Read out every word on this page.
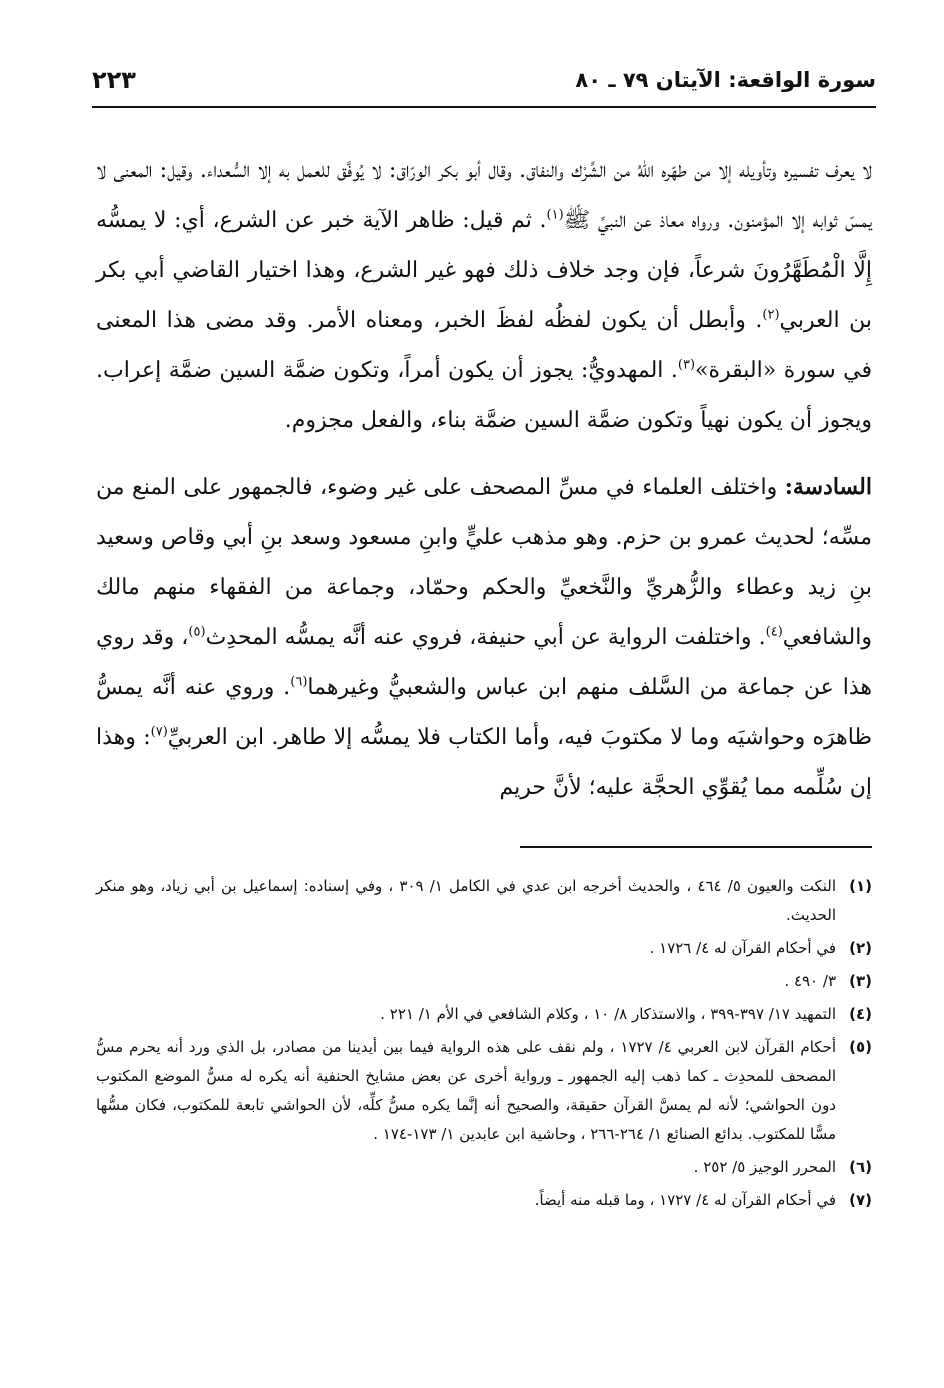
سورة الواقعة: الآيتان ٧٩ ـ ٨٠
٢٢٣

لا يعرف تفسيره وتأويله إلا من طهّره اللهُ من الشِّرْك والنفاق. وقال أبو بكر الورّاق: لا يُوفَّق للعمل به إلا السُّعداء. وقيل: المعنى لا يمسّ ثوابه إلا المؤمنون. ورواه معاذ عن النبيِّ ﷺ$^{(١)}$. ثم قيل: ظاهر الآية خبر عن الشرع، أي: لا يمسُّه إِلَّا الْمُطَهَّرُونَ شرعاً، فإن وجد خلاف ذلك فهو غير الشرع، وهذا اختيار القاضي أبي بكر بن العربي$^{(٢)}$. وأبطل أن يكون لفظُه لفظَ الخبر، ومعناه الأمر. وقد مضى هذا المعنى في سورة «البقرة»$^{(٣)}$. المهدويُّ: يجوز أن يكون أمراً، وتكون ضمَّة السين ضمَّة إعراب. ويجوز أن يكون نهياً وتكون ضمَّة السين ضمَّة بناء، والفعل مجزوم.

السادسة: واختلف العلماء في مسِّ المصحف على غير وضوء، فالجمهور على المنع من مسِّه؛ لحديث عمرو بن حزم. وهو مذهب عليٍّ وابنِ مسعود وسعد بنِ أبي وقاص وسعيد بنِ زيد وعطاء والزُّهريِّ والنَّخعيِّ والحكم وحمّاد، وجماعة من الفقهاء منهم مالك والشافعي$^{(٤)}$. واختلفت الرواية عن أبي حنيفة، فروي عنه أنَّه يمسُّه المحدِث$^{(٥)}$، وقد روي هذا عن جماعة من السَّلف منهم ابن عباس والشعبيُّ وغيرهما$^{(٦)}$. وروي عنه أنَّه يمسُّ ظاهرَه وحواشيَه وما لا مكتوبَ فيه، وأما الكتاب فلا يمسُّه إلا طاهر. ابن العربيِّ$^{(٧)}$: وهذا إن سُلِّمه مما يُقوِّي الحجَّة عليه؛ لأنَّ حريم

(١)
النكت والعيون ٥/ ٤٦٤ ، والحديث أخرجه ابن عدي في الكامل ١/ ٣٠٩ ، وفي إسناده: إسماعيل بن أبي زياد، وهو منكر الحديث.
(٢)
في أحكام القرآن له ٤/ ١٧٢٦ .
(٣)
٣/ ٤٩٠ .
(٤)
التمهيد ١٧/ ٣٩٧-٣٩٩ ، والاستذكار ٨/ ١٠ ، وكلام الشافعي في الأم ١/ ٢٢١ .
(٥)
أحكام القرآن لابن العربي ٤/ ١٧٢٧ ، ولم نقف على هذه الرواية فيما بين أيدينا من مصادر، بل الذي ورد أنه يحرم مسُّ المصحف للمحدِث ـ كما ذهب إليه الجمهور ـ ورواية أخرى عن بعض مشايخ الحنفية أنه يكره له مسُّ الموضع المكتوب دون الحواشي؛ لأنه لم يمسَّ القرآن حقيقة، والصحيح أنه إنَّما يكره مسُّ كلِّه، لأن الحواشي تابعة للمكتوب، فكان مسُّها مسًّا للمكتوب. بدائع الصنائع ١/ ٢٦٤-٢٦٦ ، وحاشية ابن عابدين ١/ ١٧٣-١٧٤ .
(٦)
المحرر الوجيز ٥/ ٢٥٢ .
(٧)
في أحكام القرآن له ٤/ ١٧٢٧ ، وما قبله منه أيضاً.
